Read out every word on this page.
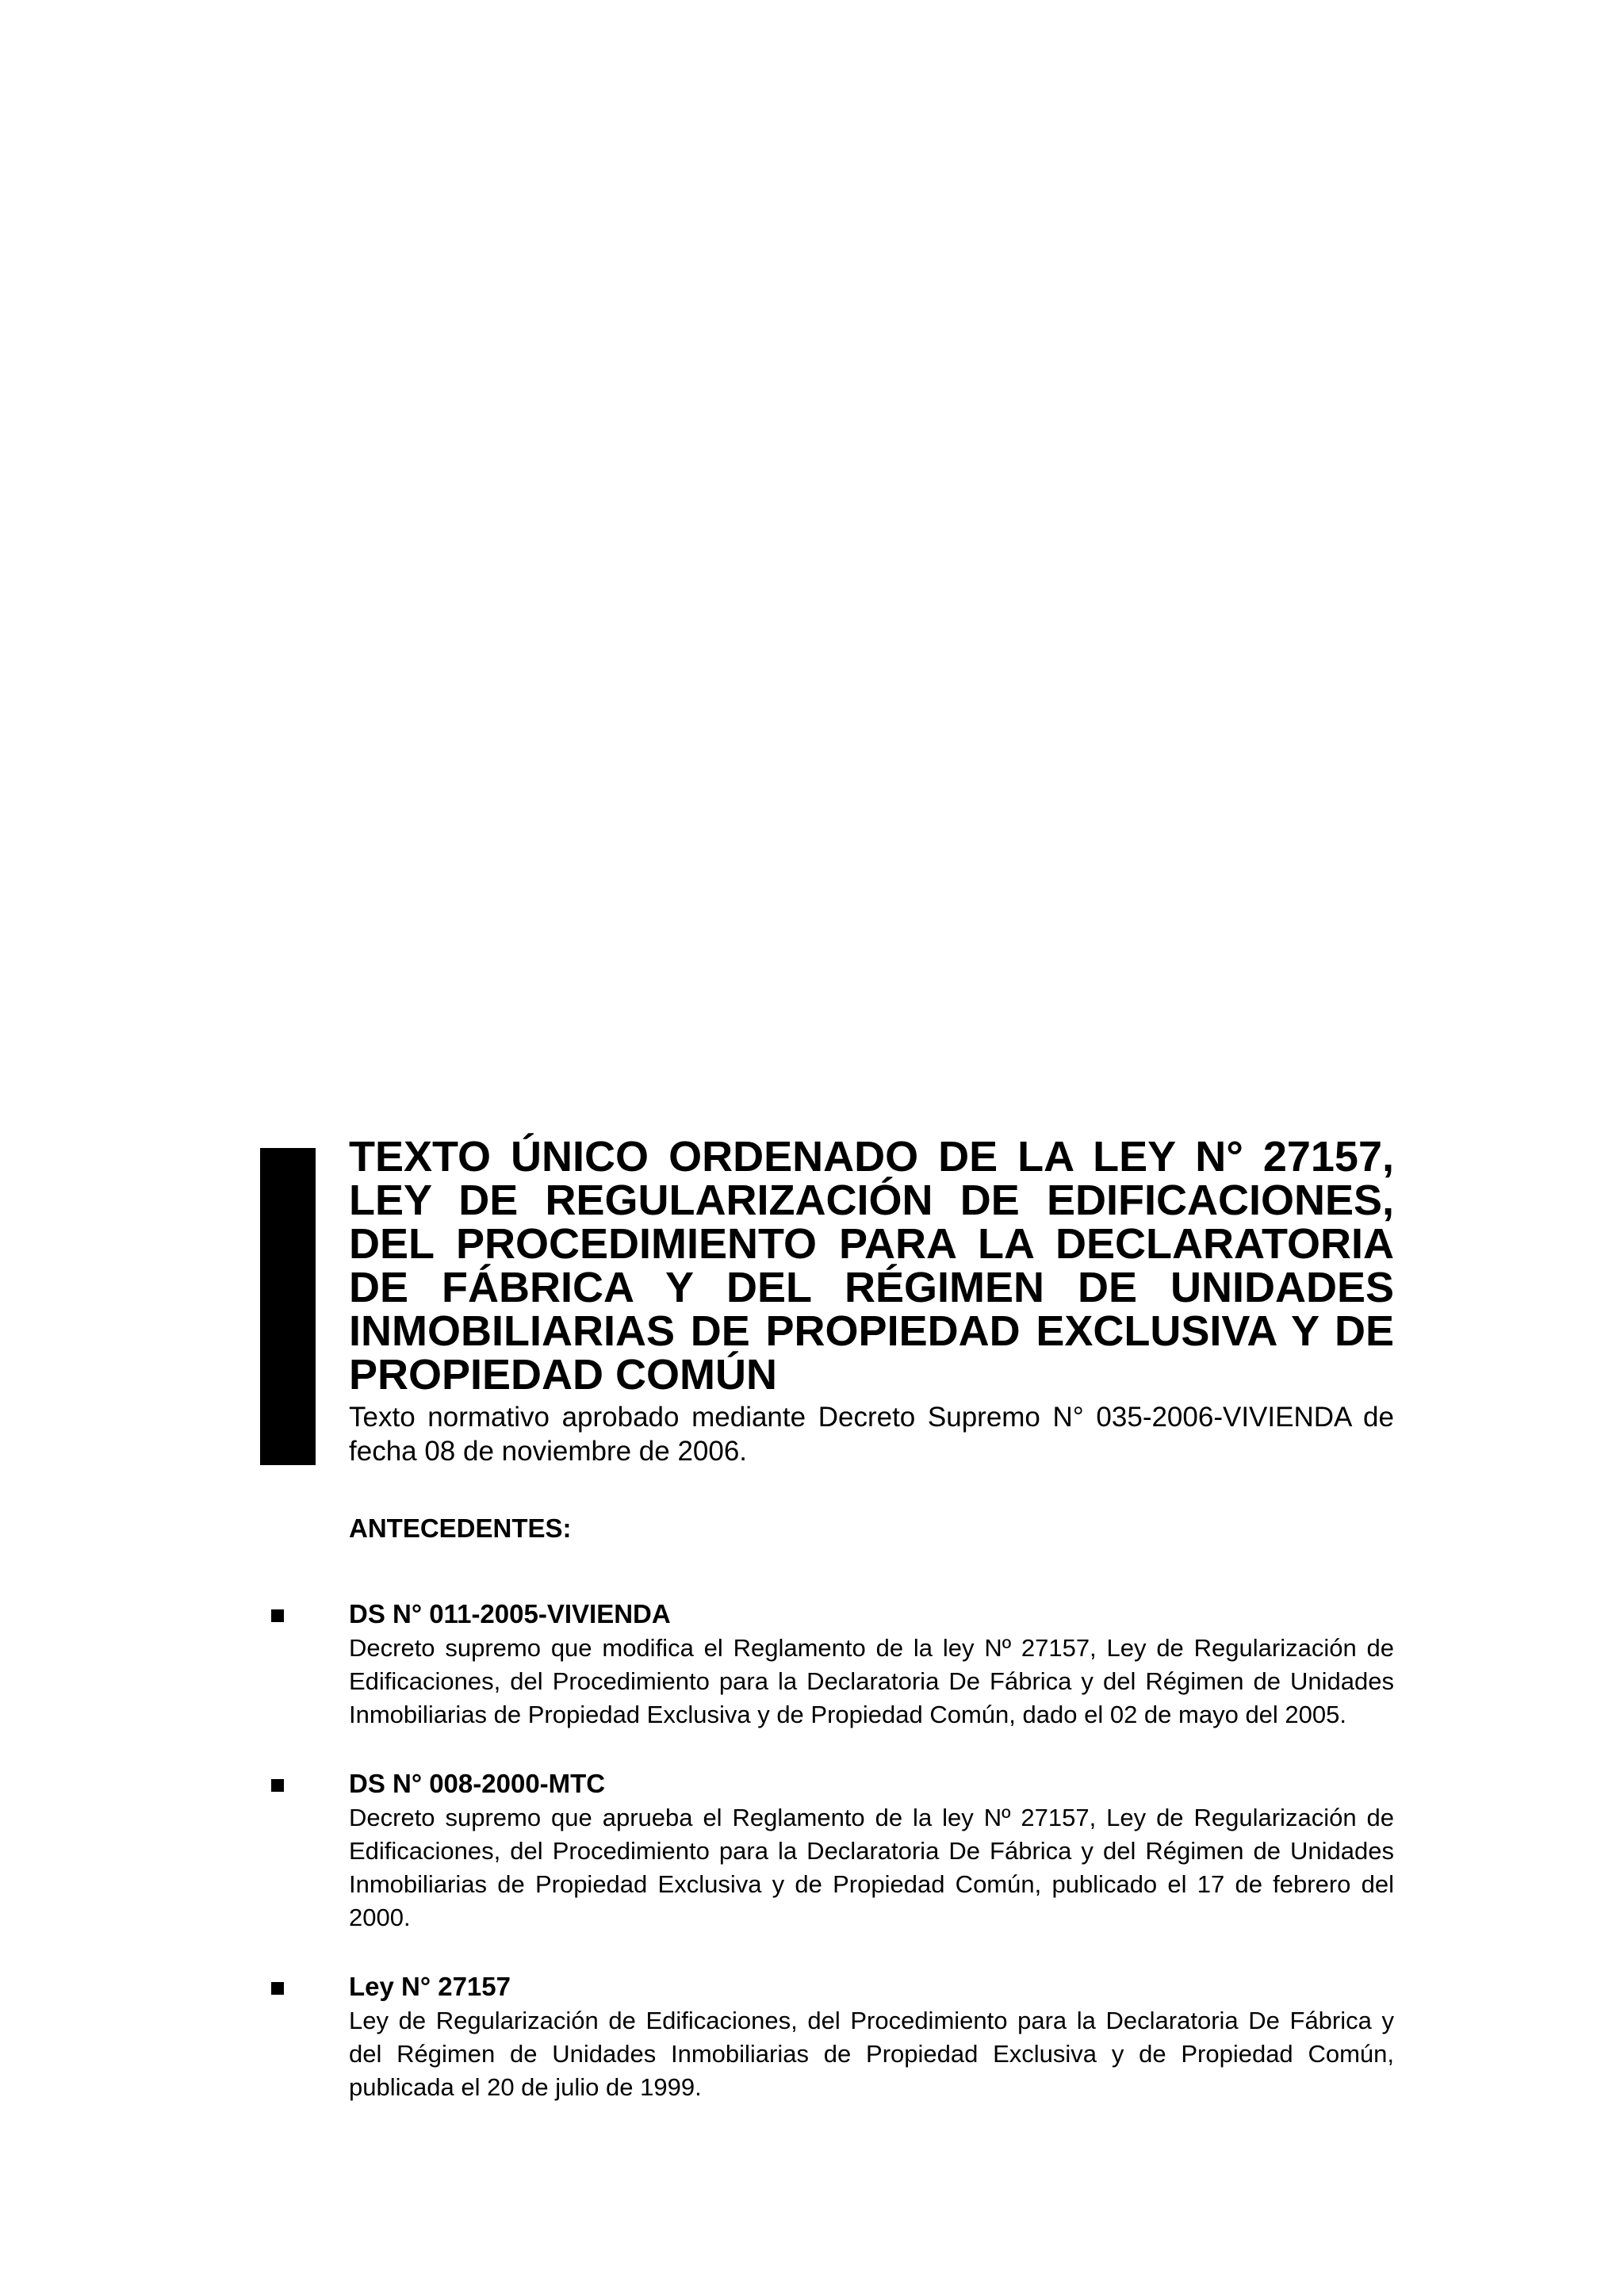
TEXTO ÚNICO ORDENADO DE LA LEY N° 27157, LEY DE REGULARIZACIÓN DE EDIFICACIONES, DEL PROCEDIMIENTO PARA LA DECLARATORIA DE FÁBRICA Y DEL RÉGIMEN DE UNIDADES INMOBILIARIAS DE PROPIEDAD EXCLUSIVA Y DE PROPIEDAD COMÚN

Texto normativo aprobado mediante Decreto Supremo N° 035-2006-VIVIENDA de fecha 08 de noviembre de 2006.

ANTECEDENTES:

DS N° 011-2005-VIVIENDA

Decreto supremo que modifica el Reglamento de la ley Nº 27157, Ley de Regularización de Edificaciones, del Procedimiento para la Declaratoria De Fábrica y del Régimen de Unidades Inmobiliarias de Propiedad Exclusiva y de Propiedad Común, dado el 02 de mayo del 2005.

DS N° 008-2000-MTC

Decreto supremo que aprueba el Reglamento de la ley Nº 27157, Ley de Regularización de Edificaciones, del Procedimiento para la Declaratoria De Fábrica y del Régimen de Unidades Inmobiliarias de Propiedad Exclusiva y de Propiedad Común, publicado el 17 de febrero del 2000.

Ley N° 27157

Ley de Regularización de Edificaciones, del Procedimiento para la Declaratoria De Fábrica y del Régimen de Unidades Inmobiliarias de Propiedad Exclusiva y de Propiedad Común, publicada el 20 de julio de 1999.
